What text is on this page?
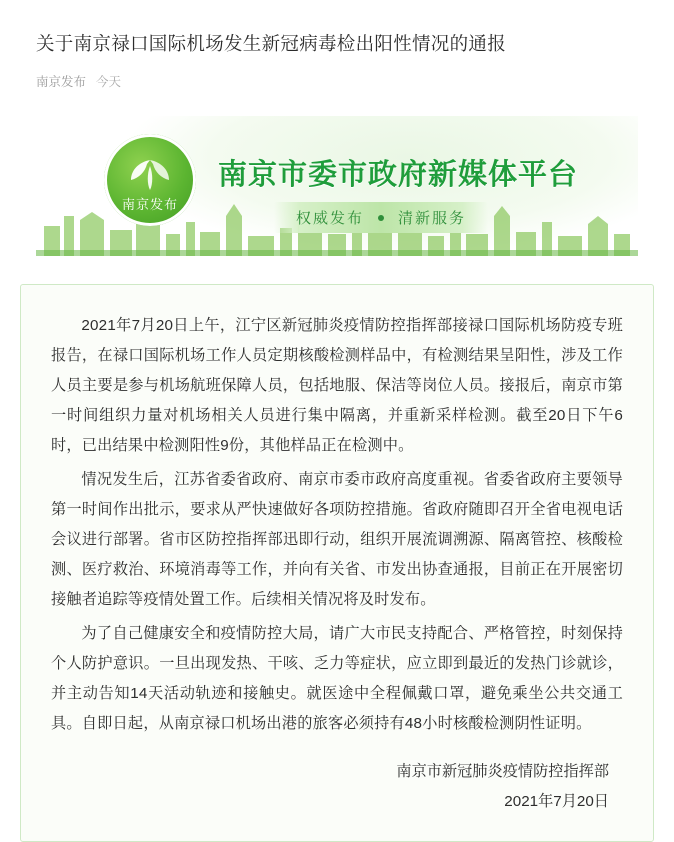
关于南京禄口国际机场发生新冠病毒检出阳性情况的通报
南京发布 今天
南京发布
南京市委市政府新媒体平台
权威发布 清新服务

2021年7月20日上午，江宁区新冠肺炎疫情防控指挥部接禄口国际机场防疫专班报告，在禄口国际机场工作人员定期核酸检测样品中，有检测结果呈阳性，涉及工作人员主要是参与机场航班保障人员，包括地服、保洁等岗位人员。接报后，南京市第一时间组织力量对机场相关人员进行集中隔离，并重新采样检测。截至20日下午6时，已出结果中检测阳性9份，其他样品正在检测中。

情况发生后，江苏省委省政府、南京市委市政府高度重视。省委省政府主要领导第一时间作出批示，要求从严快速做好各项防控措施。省政府随即召开全省电视电话会议进行部署。省市区防控指挥部迅即行动，组织开展流调溯源、隔离管控、核酸检测、医疗救治、环境消毒等工作，并向有关省、市发出协查通报，目前正在开展密切接触者追踪等疫情处置工作。后续相关情况将及时发布。

为了自己健康安全和疫情防控大局，请广大市民支持配合、严格管控，时刻保持个人防护意识。一旦出现发热、干咳、乏力等症状，应立即到最近的发热门诊就诊，并主动告知14天活动轨迹和接触史。就医途中全程佩戴口罩，避免乘坐公共交通工具。自即日起，从南京禄口机场出港的旅客必须持有48小时核酸检测阴性证明。

南京市新冠肺炎疫情防控指挥部
2021年7月20日
